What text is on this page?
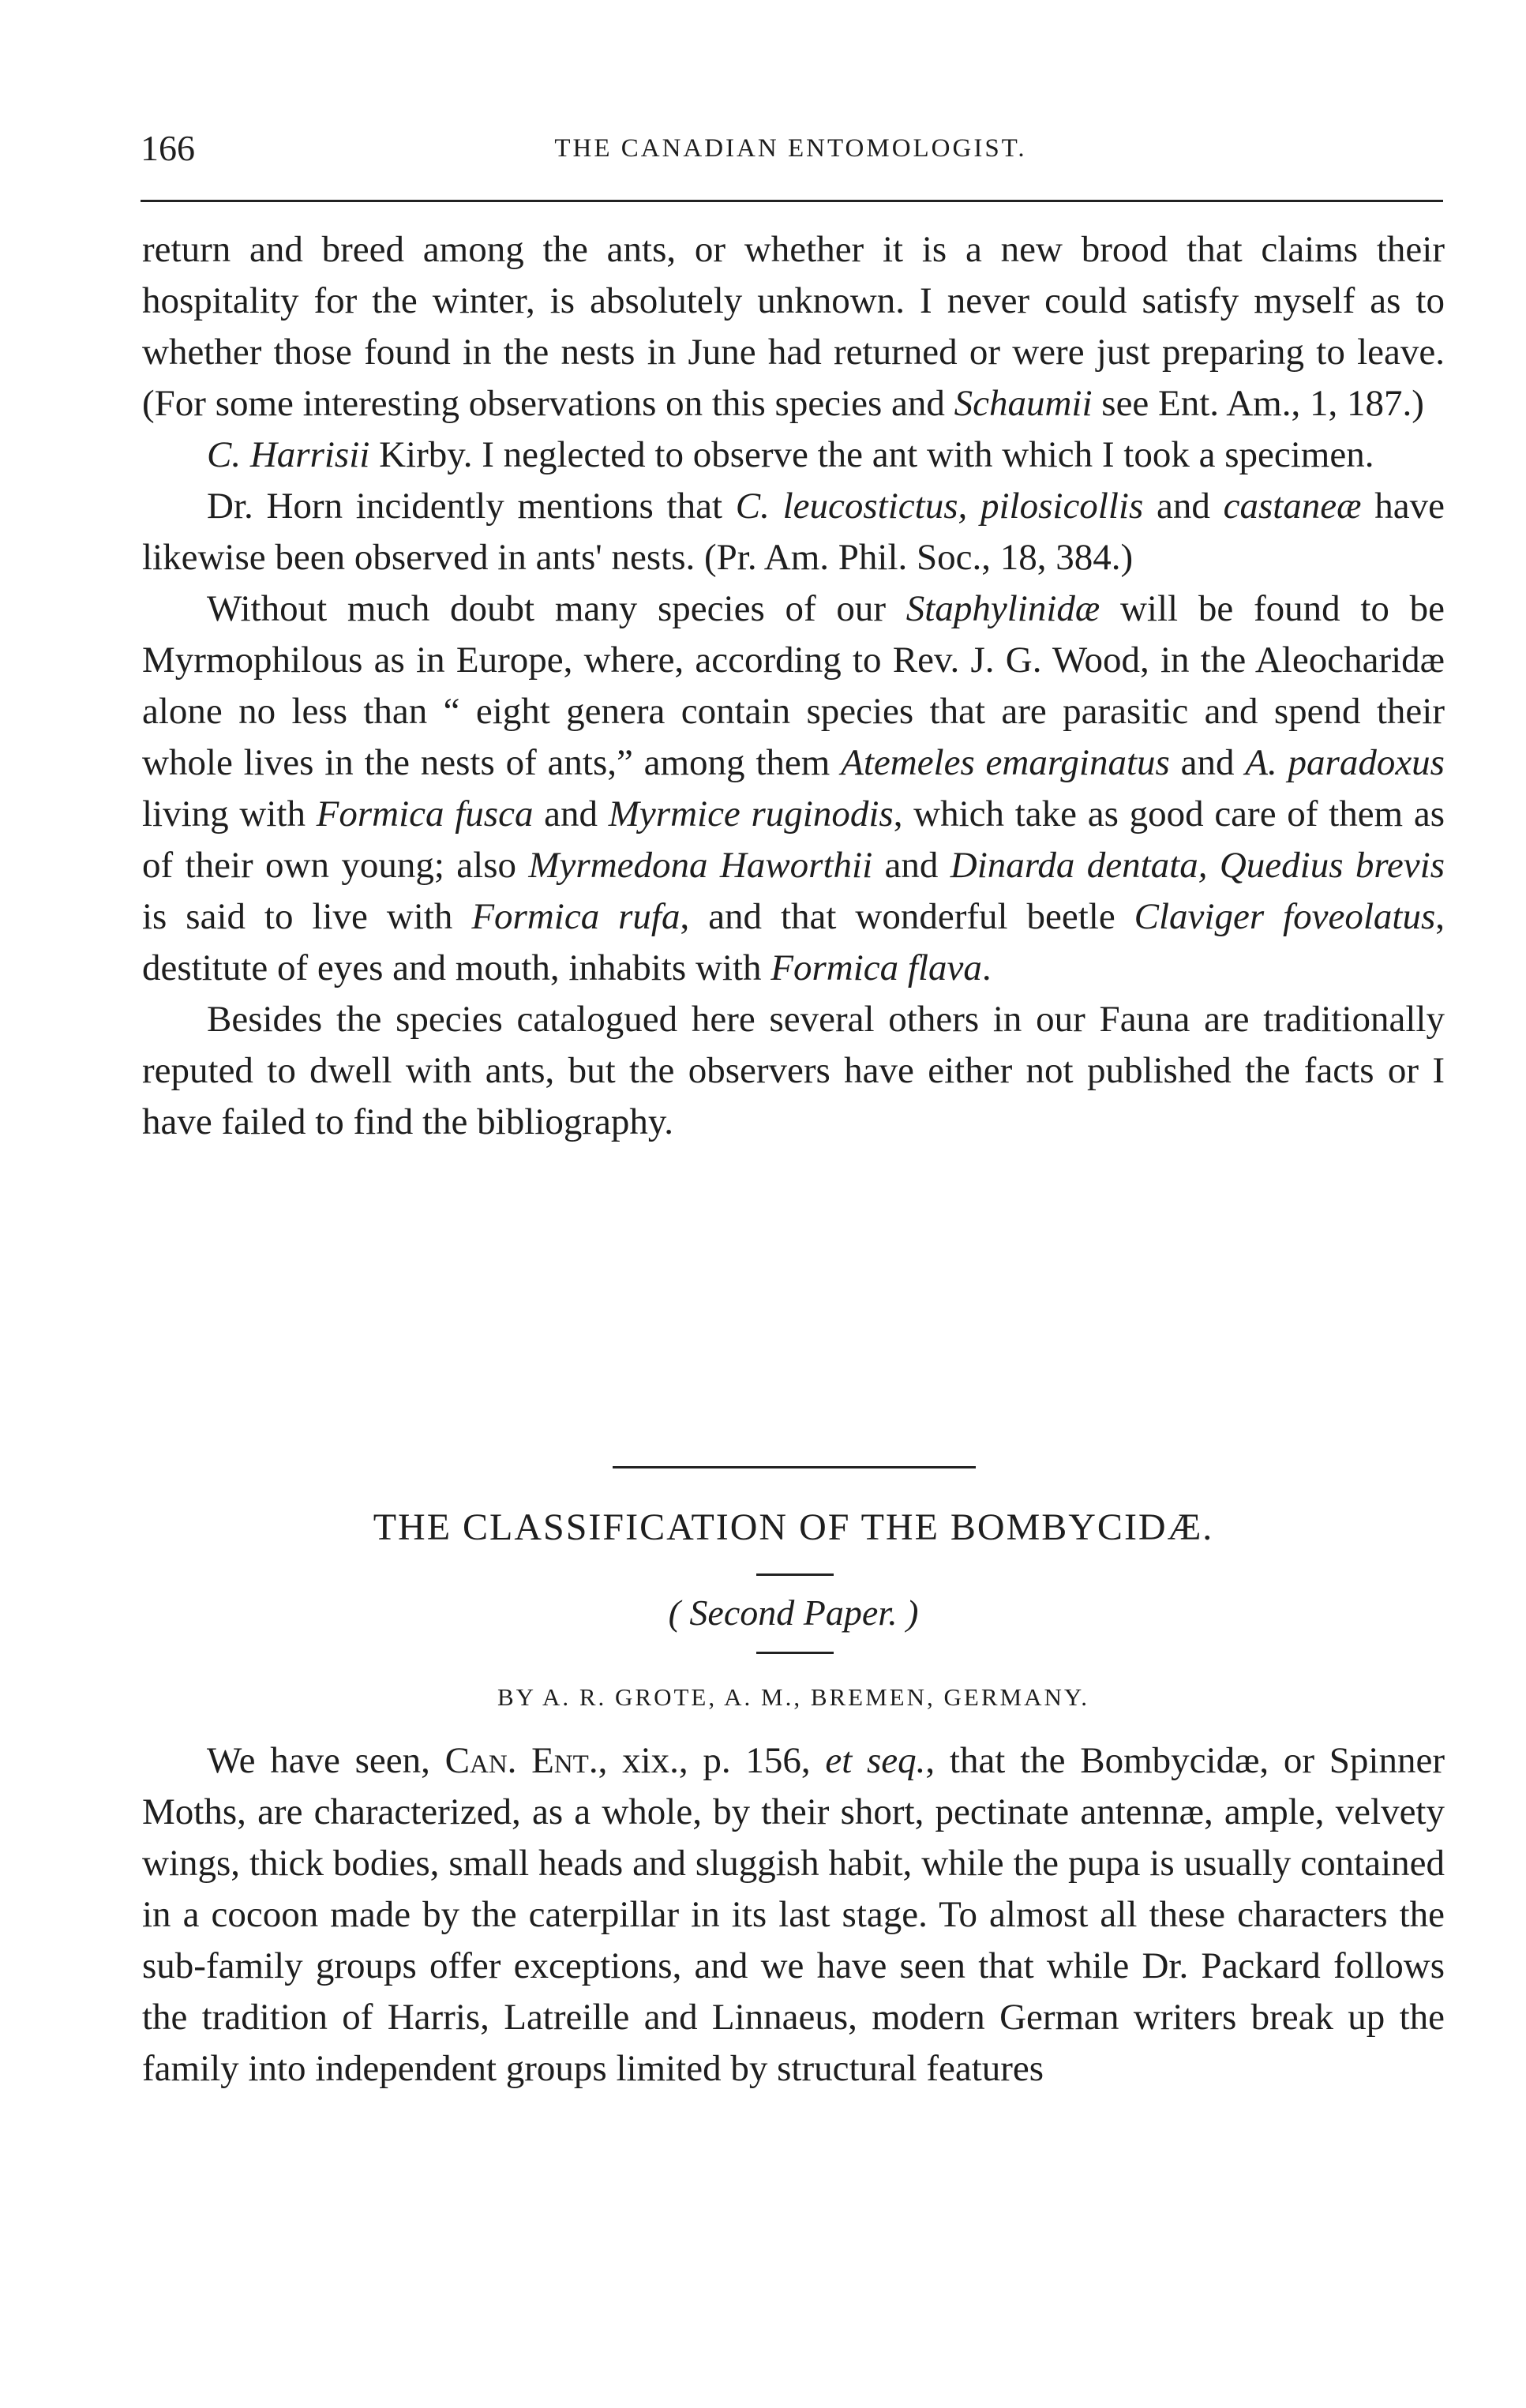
166	THE CANADIAN ENTOMOLOGIST.

return and breed among the ants, or whether it is a new brood that claims their hospitality for the winter, is absolutely unknown. I never could satisfy myself as to whether those found in the nests in June had returned or were just preparing to leave. (For some interesting observations on this species and Schaumii see Ent. Am., 1, 187.)

C. Harrisii Kirby. I neglected to observe the ant with which I took a specimen.

Dr. Horn incidently mentions that C. leucostictus, pilosicollis and castaneæ have likewise been observed in ants' nests. (Pr. Am. Phil. Soc., 18, 384.)

Without much doubt many species of our Staphylinidæ will be found to be Myrmophilous as in Europe, where, according to Rev. J. G. Wood, in the Aleocharidæ alone no less than “ eight genera contain species that are parasitic and spend their whole lives in the nests of ants,” among them Atemeles emarginatus and A. paradoxus living with Formica fusca and Myrmice ruginodis, which take as good care of them as of their own young; also Myrmedona Haworthii and Dinarda dentata, Quedius brevis is said to live with Formica rufa, and that wonderful beetle Claviger foveolatus, destitute of eyes and mouth, inhabits with Formica flava.

Besides the species catalogued here several others in our Fauna are traditionally reputed to dwell with ants, but the observers have either not published the facts or I have failed to find the bibliography.

THE CLASSIFICATION OF THE BOMBYCIDÆ.
( Second Paper. )
BY A. R. GROTE, A. M., BREMEN, GERMANY.

We have seen, Can. Ent., xix., p. 156, et seq., that the Bombycidæ, or Spinner Moths, are characterized, as a whole, by their short, pectinate antennæ, ample, velvety wings, thick bodies, small heads and sluggish habit, while the pupa is usually contained in a cocoon made by the caterpillar in its last stage. To almost all these characters the sub-family groups offer exceptions, and we have seen that while Dr. Packard follows the tradition of Harris, Latreille and Linnaeus, modern German writers break up the family into independent groups limited by structural features
